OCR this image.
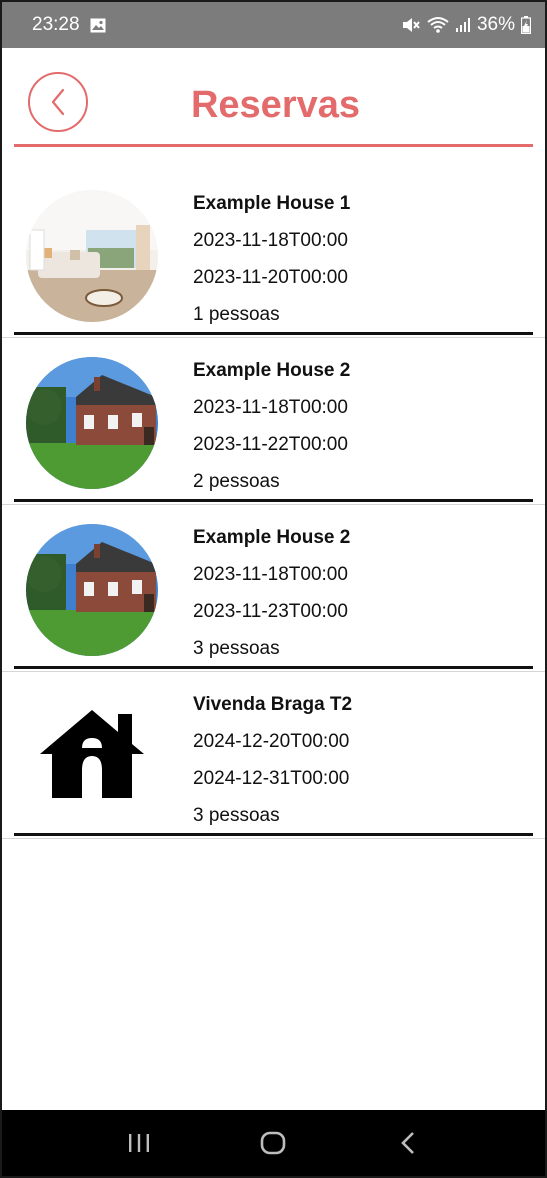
23:28	36%
Reservas
Example House 1
2023-11-18T00:00
2023-11-20T00:00
1 pessoas
Example House 2
2023-11-18T00:00
2023-11-22T00:00
2 pessoas
Example House 2
2023-11-18T00:00
2023-11-23T00:00
3 pessoas
Vivenda Braga T2
2024-12-20T00:00
2024-12-31T00:00
3 pessoas
